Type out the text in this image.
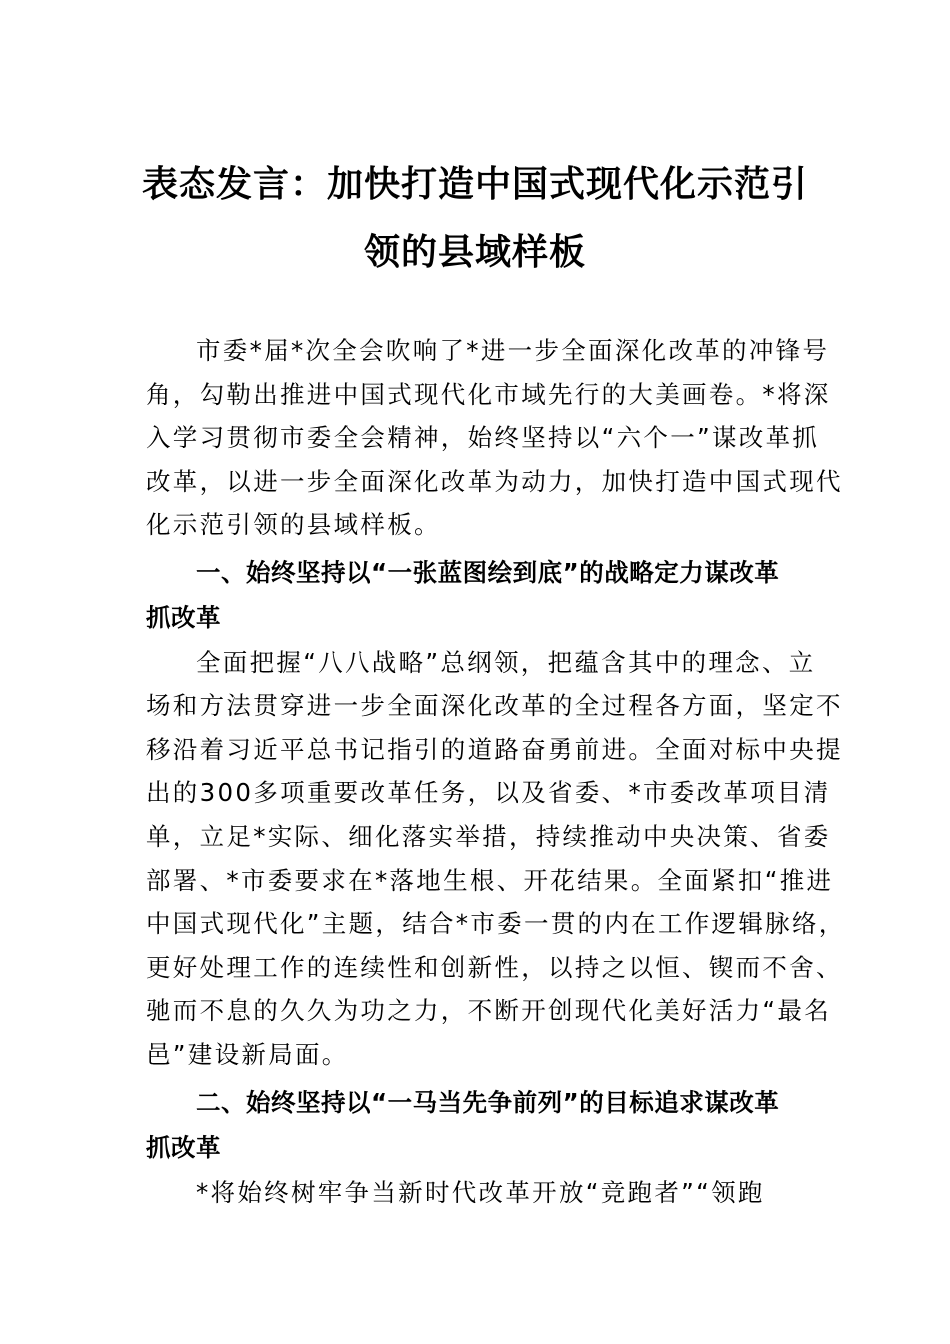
表态发言：加快打造中国式现代化示范引
领的县域样板
市委*届*次全会吹响了*进一步全面深化改革的冲锋号
角，勾勒出推进中国式现代化市域先行的大美画卷。*将深
入学习贯彻市委全会精神，始终坚持以“六个一”谋改革抓
改革，以进一步全面深化改革为动力，加快打造中国式现代
化示范引领的县域样板。
一、始终坚持以“一张蓝图绘到底”的战略定力谋改革
抓改革
全面把握“八八战略”总纲领，把蕴含其中的理念、立
场和方法贯穿进一步全面深化改革的全过程各方面，坚定不
移沿着习近平总书记指引的道路奋勇前进。全面对标中央提
出的300多项重要改革任务，以及省委、*市委改革项目清
单，立足*实际、细化落实举措，持续推动中央决策、省委
部署、*市委要求在*落地生根、开花结果。全面紧扣“推进
中国式现代化”主题，结合*市委一贯的内在工作逻辑脉络，
更好处理工作的连续性和创新性，以持之以恒、锲而不舍、
驰而不息的久久为功之力，不断开创现代化美好活力“最名
邑”建设新局面。
二、始终坚持以“一马当先争前列”的目标追求谋改革
抓改革
*将始终树牢争当新时代改革开放“竞跑者”“领跑
